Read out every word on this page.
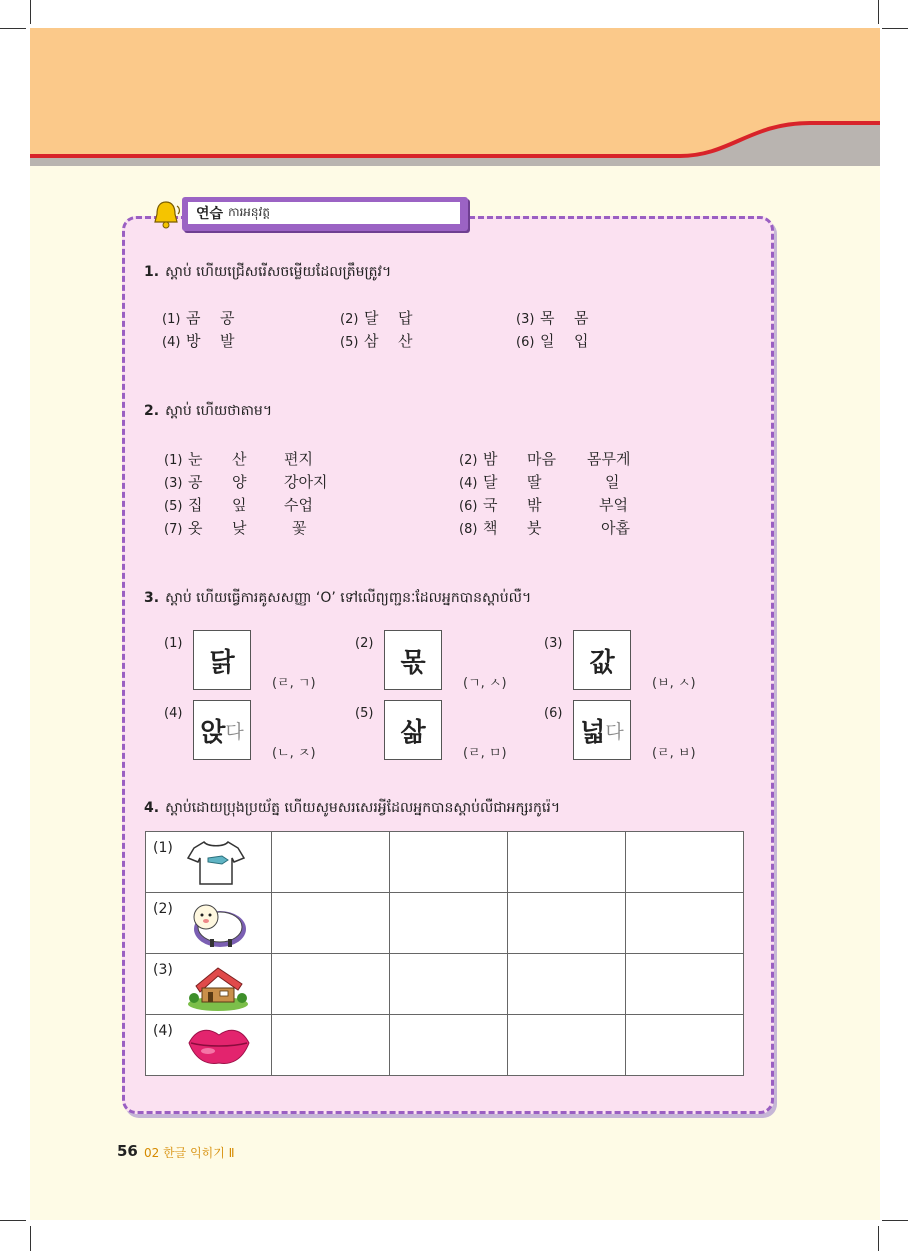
연습 ការអនុវត្ត
1. ស្ដាប់ ហើយជ្រើសរើសចម្លើយដែលត្រឹមត្រូវ។
(1) 곰 공	(2) 달 답	(3) 목 몸
(4) 방 발	(5) 삼 산	(6) 일 입
2. ស្ដាប់ ហើយថាតាម។
(1) 눈 산	편지	(2) 밤 마음 몸무게
(3) 공 양	강아지	(4) 달 딸	일
(5) 집 잎	수업	(6) 국 밖	부엌
(7) 옷 낮	꽃	(8) 책 붓	아홉
3. ស្ដាប់ ហើយធ្វើការគូសសញ្ញា ‘O’ ទៅលើព្យញ្ជនៈដែលអ្នកបានស្ដាប់លឺ។
(1)
닭
(ㄹ, ㄱ)
(2)
몫
(ㄱ, ㅅ)
(3)
값
(ㅂ, ㅅ)
(4)
앉 다
(ㄴ, ㅈ)
(5)
삶
(ㄹ, ㅁ)
(6)
넓 다
(ㄹ, ㅂ)
4. ស្ដាប់ដោយប្រុងប្រយ័ត្ន ហើយសូមសរសេរអ្វីដែលអ្នកបានស្ដាប់លឺជាអក្សរកូរ៉េ។
(1)				

(2)				

(3)				

(4)				

56 02 한글 익히기 Ⅱ
